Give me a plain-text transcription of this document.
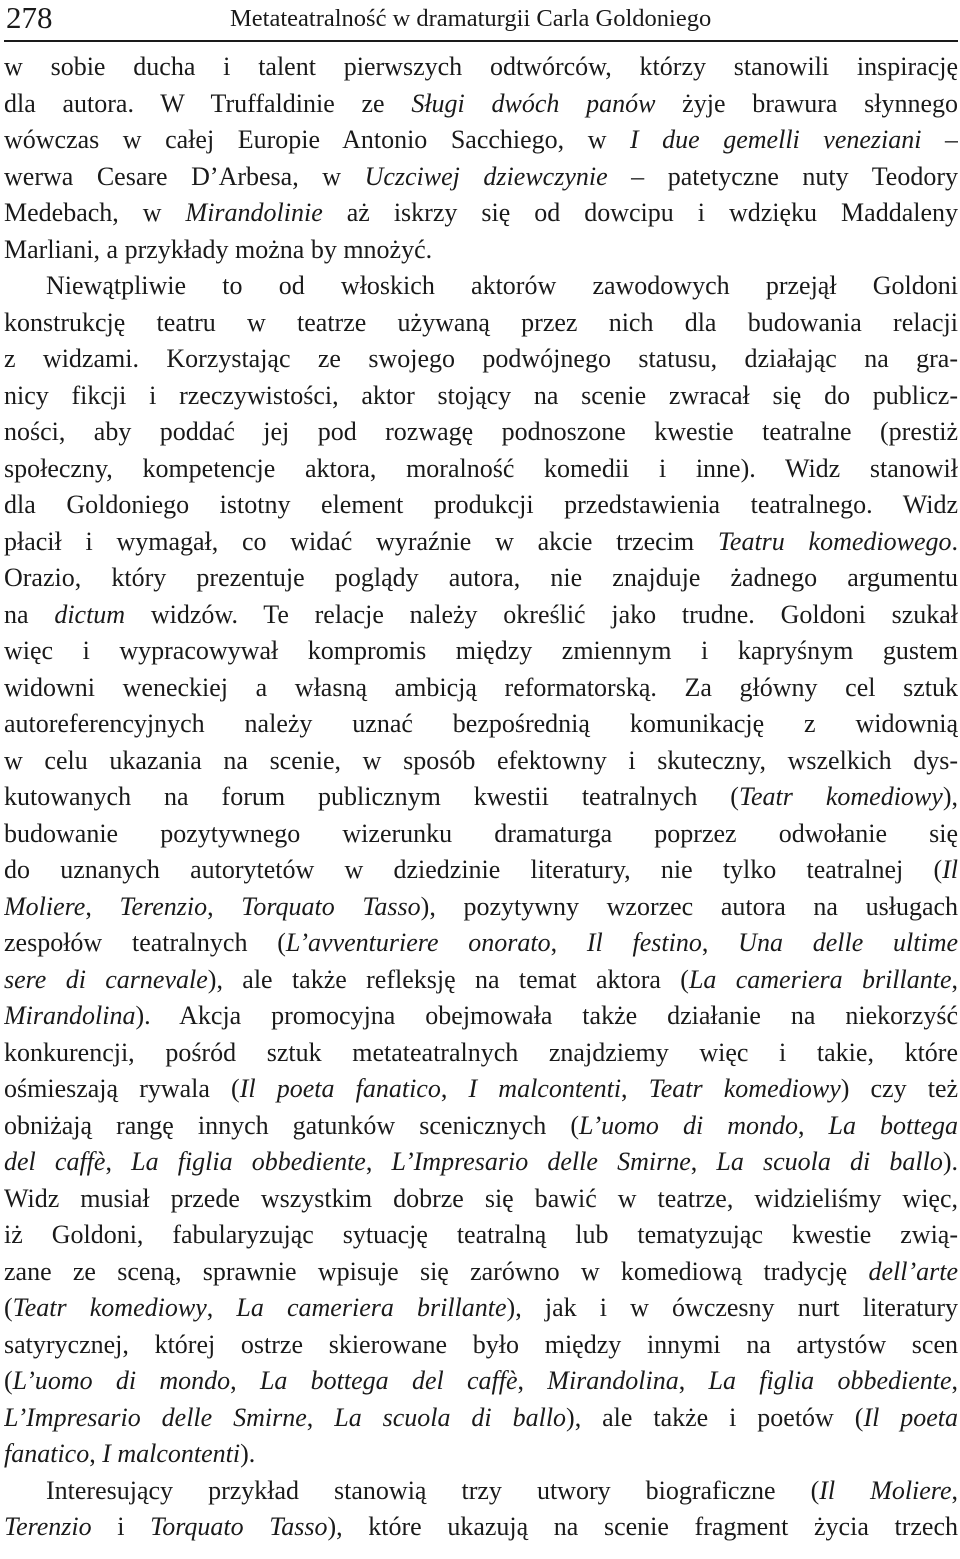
278	Metateatralność w dramaturgii Carla Goldoniego
w sobie ducha i talent pierwszych odtwórców, którzy stanowili inspirację
dla autora. W Truffaldinie ze Sługi dwóch panów żyje brawura słynnego
wówczas w całej Europie Antonio Sacchiego, w I due gemelli veneziani –
werwa Cesare D’Arbesa, w Uczciwej dziewczynie – patetyczne nuty Teodory
Medebach, w Mirandolinie aż iskrzy się od dowcipu i wdzięku Maddaleny
Marliani, a przykłady można by mnożyć.
Niewątpliwie to od włoskich aktorów zawodowych przejął Goldoni
konstrukcję teatru w teatrze używaną przez nich dla budowania relacji
z widzami. Korzystając ze swojego podwójnego statusu, działając na gra-
nicy fikcji i rzeczywistości, aktor stojący na scenie zwracał się do publicz-
ności, aby poddać jej pod rozwagę podnoszone kwestie teatralne (prestiż
społeczny, kompetencje aktora, moralność komedii i inne). Widz stanowił
dla Goldoniego istotny element produkcji przedstawienia teatralnego. Widz
płacił i wymagał, co widać wyraźnie w akcie trzecim Teatru komediowego.
Orazio, który prezentuje poglądy autora, nie znajduje żadnego argumentu
na dictum widzów. Te relacje należy określić jako trudne. Goldoni szukał
więc i wypracowywał kompromis między zmiennym i kapryśnym gustem
widowni weneckiej a własną ambicją reformatorską. Za główny cel sztuk
autoreferencyjnych należy uznać bezpośrednią komunikację z widownią
w celu ukazania na scenie, w sposób efektowny i skuteczny, wszelkich dys-
kutowanych na forum publicznym kwestii teatralnych (Teatr komediowy),
budowanie pozytywnego wizerunku dramaturga poprzez odwołanie się
do uznanych autorytetów w dziedzinie literatury, nie tylko teatralnej (Il
Moliere, Terenzio, Torquato Tasso), pozytywny wzorzec autora na usługach
zespołów teatralnych (L’avventuriere onorato, Il festino, Una delle ultime
sere di carnevale), ale także refleksję na temat aktora (La cameriera brillante,
Mirandolina). Akcja promocyjna obejmowała także działanie na niekorzyść
konkurencji, pośród sztuk metateatralnych znajdziemy więc i takie, które
ośmieszają rywala (Il poeta fanatico, I malcontenti, Teatr komediowy) czy też
obniżają rangę innych gatunków scenicznych (L’uomo di mondo, La bottega
del caffè, La figlia obbediente, L’Impresario delle Smirne, La scuola di ballo).
Widz musiał przede wszystkim dobrze się bawić w teatrze, widzieliśmy więc,
iż Goldoni, fabularyzując sytuację teatralną lub tematyzując kwestie zwią-
zane ze sceną, sprawnie wpisuje się zarówno w komediową tradycję dell’arte
(Teatr komediowy, La cameriera brillante), jak i w ówczesny nurt literatury
satyrycznej, której ostrze skierowane było między innymi na artystów scen
(L’uomo di mondo, La bottega del caffè, Mirandolina, La figlia obbediente,
L’Impresario delle Smirne, La scuola di ballo), ale także i poetów (Il poeta
fanatico, I malcontenti).
Interesujący przykład stanowią trzy utwory biograficzne (Il Moliere,
Terenzio i Torquato Tasso), które ukazują na scenie fragment życia trzech
